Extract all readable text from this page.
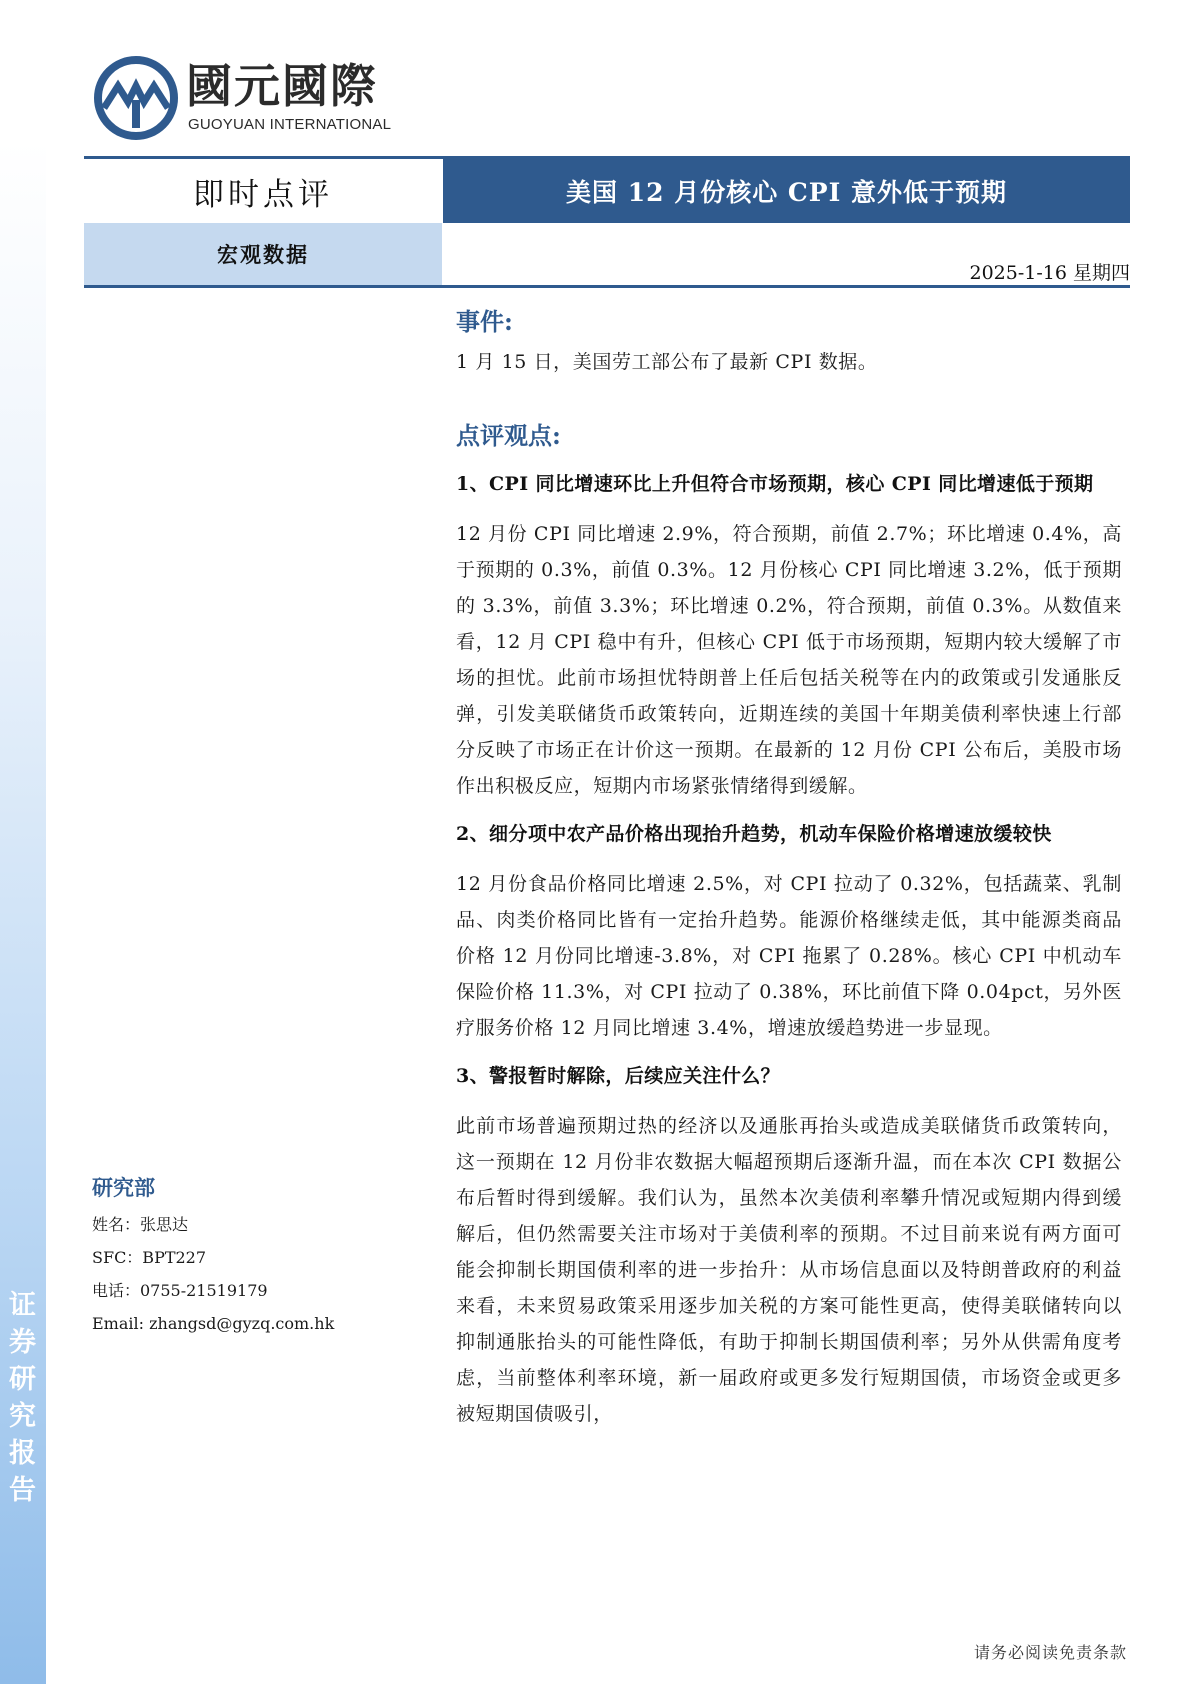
证券研究报告
國元國際
GUOYUAN INTERNATIONAL
即时点评	美国 12 月份核心 CPI 意外低于预期
宏观数据
2025-1-16 星期四
事件:

1 月 15 日，美国劳工部公布了最新 CPI 数据。

点评观点:

1、CPI 同比增速环比上升但符合市场预期，核心 CPI 同比增速低于预期

12 月份 CPI 同比增速 2.9%，符合预期，前值 2.7%；环比增速 0.4%，高于预期的 0.3%，前值 0.3%。12 月份核心 CPI 同比增速 3.2%，低于预期的 3.3%，前值 3.3%；环比增速 0.2%，符合预期，前值 0.3%。从数值来看，12 月 CPI 稳中有升，但核心 CPI 低于市场预期，短期内较大缓解了市场的担忧。此前市场担忧特朗普上任后包括关税等在内的政策或引发通胀反弹，引发美联储货币政策转向，近期连续的美国十年期美债利率快速上行部分反映了市场正在计价这一预期。在最新的 12 月份 CPI 公布后，美股市场作出积极反应，短期内市场紧张情绪得到缓解。

2、细分项中农产品价格出现抬升趋势，机动车保险价格增速放缓较快

12 月份食品价格同比增速 2.5%，对 CPI 拉动了 0.32%，包括蔬菜、乳制品、肉类价格同比皆有一定抬升趋势。能源价格继续走低，其中能源类商品价格 12 月份同比增速-3.8%，对 CPI 拖累了 0.28%。核心 CPI 中机动车保险价格 11.3%，对 CPI 拉动了 0.38%，环比前值下降 0.04pct，另外医疗服务价格 12 月同比增速 3.4%，增速放缓趋势进一步显现。

3、警报暂时解除，后续应关注什么？

此前市场普遍预期过热的经济以及通胀再抬头或造成美联储货币政策转向，这一预期在 12 月份非农数据大幅超预期后逐渐升温，而在本次 CPI 数据公布后暂时得到缓解。我们认为，虽然本次美债利率攀升情况或短期内得到缓解后，但仍然需要关注市场对于美债利率的预期。不过目前来说有两方面可能会抑制长期国债利率的进一步抬升：从市场信息面以及特朗普政府的利益来看，未来贸易政策采用逐步加关税的方案可能性更高，使得美联储转向以抑制通胀抬头的可能性降低，有助于抑制长期国债利率；另外从供需角度考虑，当前整体利率环境，新一届政府或更多发行短期国债，市场资金或更多被短期国债吸引，

研究部
姓名：张思达
SFC：BPT227
电话：0755-21519179
Email: zhangsd@gyzq.com.hk
请务必阅读免责条款
